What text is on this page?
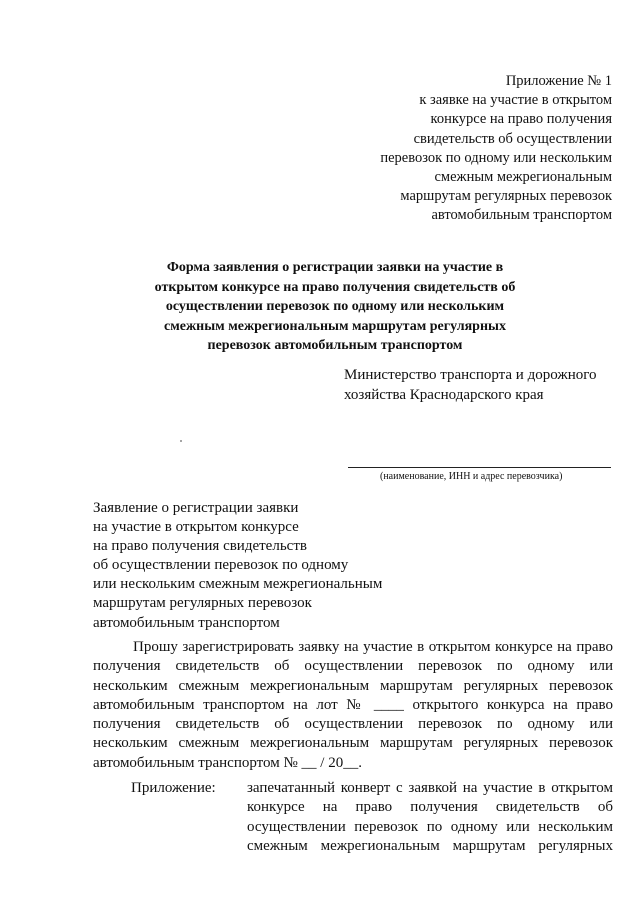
Приложение № 1
к заявке на участие в открытом
конкурсе на право получения
свидетельств об осуществлении
перевозок по одному или нескольким
смежным межрегиональным
маршрутам регулярных перевозок
автомобильным транспортом
Форма заявления о регистрации заявки на участие в
открытом конкурсе на право получения свидетельств об
осуществлении перевозок по одному или нескольким
смежным межрегиональным маршрутам регулярных
перевозок автомобильным транспортом
Министерство транспорта и дорожного
хозяйства Краснодарского края
(наименование, ИНН и адрес перевозчика)
Заявление о регистрации заявки
на участие в открытом конкурсе
на право получения свидетельств
об осуществлении перевозок по одному
или нескольким смежным межрегиональным
маршрутам регулярных перевозок
автомобильным транспортом
Прошу зарегистрировать заявку на участие в открытом конкурсе на право
получения свидетельств об осуществлении перевозок по одному или
нескольким смежным межрегиональным маршрутам регулярных перевозок
автомобильным транспортом на лот № ____ открытого конкурса на право
получения свидетельств об осуществлении перевозок по одному или
нескольким смежным межрегиональным маршрутам регулярных перевозок
автомобильным транспортом № __ / 20__.
Приложение: запечатанный конверт с заявкой на участие в открытом
конкурсе на право получения свидетельств об
осуществлении перевозок по одному или нескольким
смежным межрегиональным маршрутам регулярных
